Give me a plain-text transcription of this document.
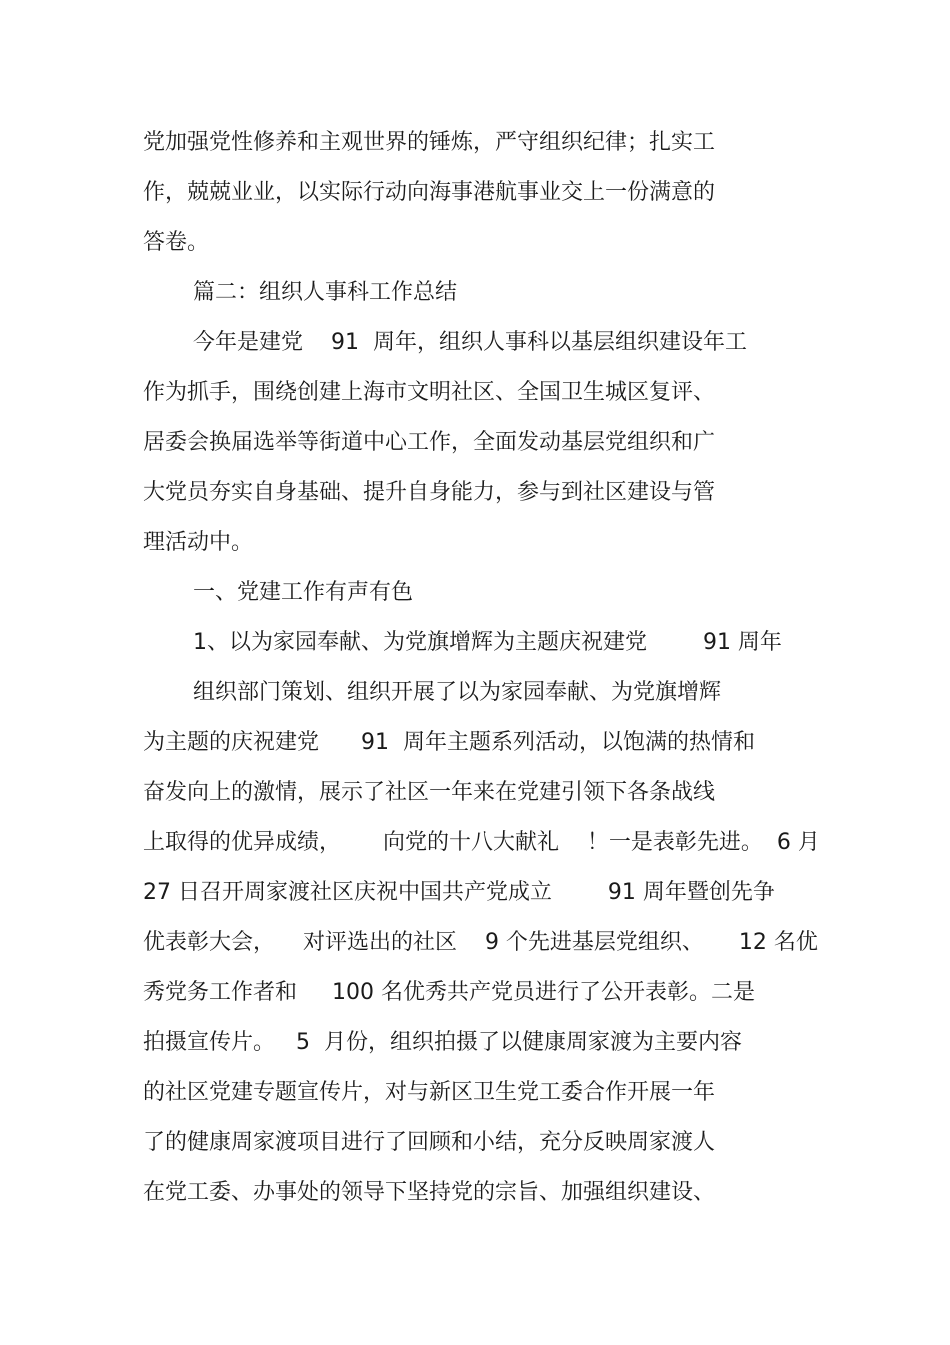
党加强党性修养和主观世界的锤炼，严守组织纪律；扎实工
作，兢兢业业，以实际行动向海事港航事业交上一份满意的
答卷。
篇二：组织人事科工作总结
今年是建党    91  周年，组织人事科以基层组织建设年工
作为抓手，围绕创建上海市文明社区、全国卫生城区复评、
居委会换届选举等街道中心工作，全面发动基层党组织和广
大党员夯实自身基础、提升自身能力，参与到社区建设与管
理活动中。
一、党建工作有声有色
1、以为家园奉献、为党旗增辉为主题庆祝建党        91 周年
组织部门策划、组织开展了以为家园奉献、为党旗增辉
为主题的庆祝建党      91  周年主题系列活动，以饱满的热情和
奋发向上的激情，展示了社区一年来在党建引领下各条战线
上取得的优异成绩，      向党的十八大献礼    ！一是表彰先进。  6 月
27 日召开周家渡社区庆祝中国共产党成立        91 周年暨创先争
优表彰大会，    对评选出的社区    9 个先进基层党组织、     12 名优
秀党务工作者和     100 名优秀共产党员进行了公开表彰。二是
拍摄宣传片。   5  月份，组织拍摄了以健康周家渡为主要内容
的社区党建专题宣传片，对与新区卫生党工委合作开展一年
了的健康周家渡项目进行了回顾和小结，充分反映周家渡人
在党工委、办事处的领导下坚持党的宗旨、加强组织建设、
